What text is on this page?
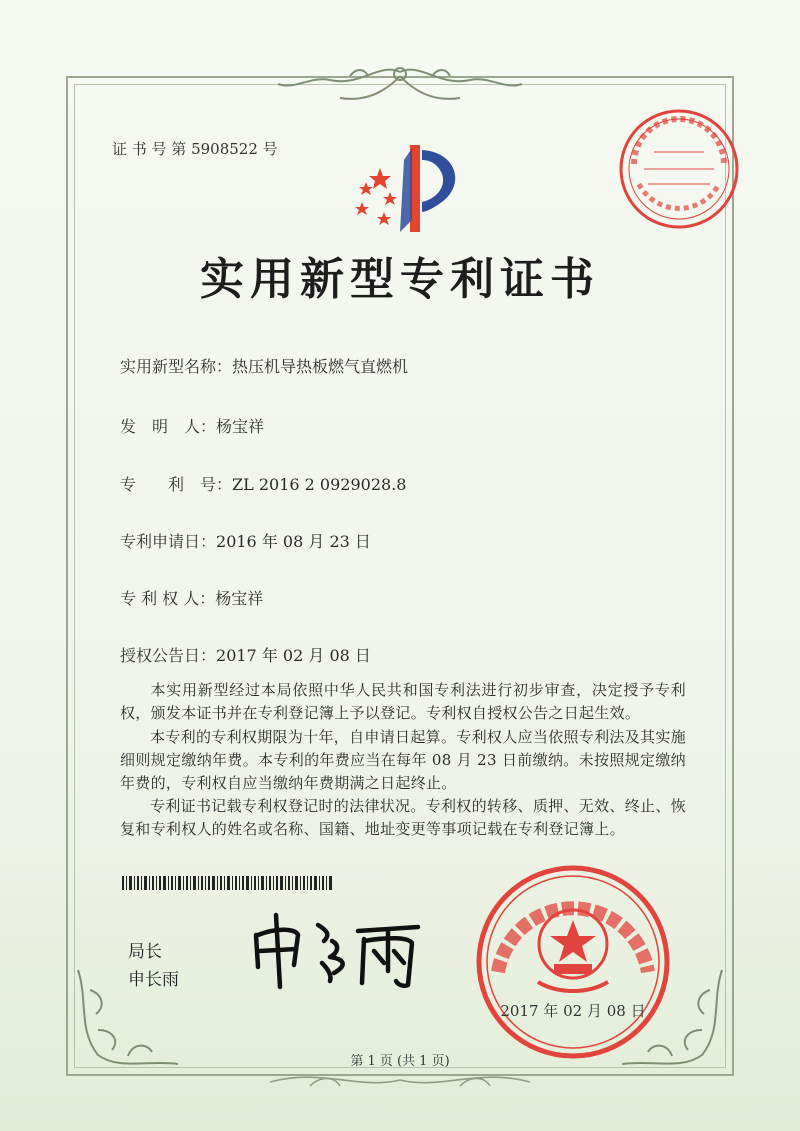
证 书 号 第 5908522 号
实用新型专利证书
实用新型名称：热压机导热板燃气直燃机
发　明　人：杨宝祥
专　　利　号：ZL 2016 2 0929028.8
专利申请日：2016 年 08 月 23 日
专 利 权 人：杨宝祥
授权公告日：2017 年 02 月 08 日
本实用新型经过本局依照中华人民共和国专利法进行初步审查，决定授予专利权，颁发本证书并在专利登记簿上予以登记。专利权自授权公告之日起生效。
本专利的专利权期限为十年，自申请日起算。专利权人应当依照专利法及其实施细则规定缴纳年费。本专利的年费应当在每年 08 月 23 日前缴纳。未按照规定缴纳年费的，专利权自应当缴纳年费期满之日起终止。
专利证书记载专利权登记时的法律状况。专利权的转移、质押、无效、终止、恢复和专利权人的姓名或名称、国籍、地址变更等事项记载在专利登记簿上。
局长
申长雨
2017 年 02 月 08 日
第 1 页 (共 1 页)
